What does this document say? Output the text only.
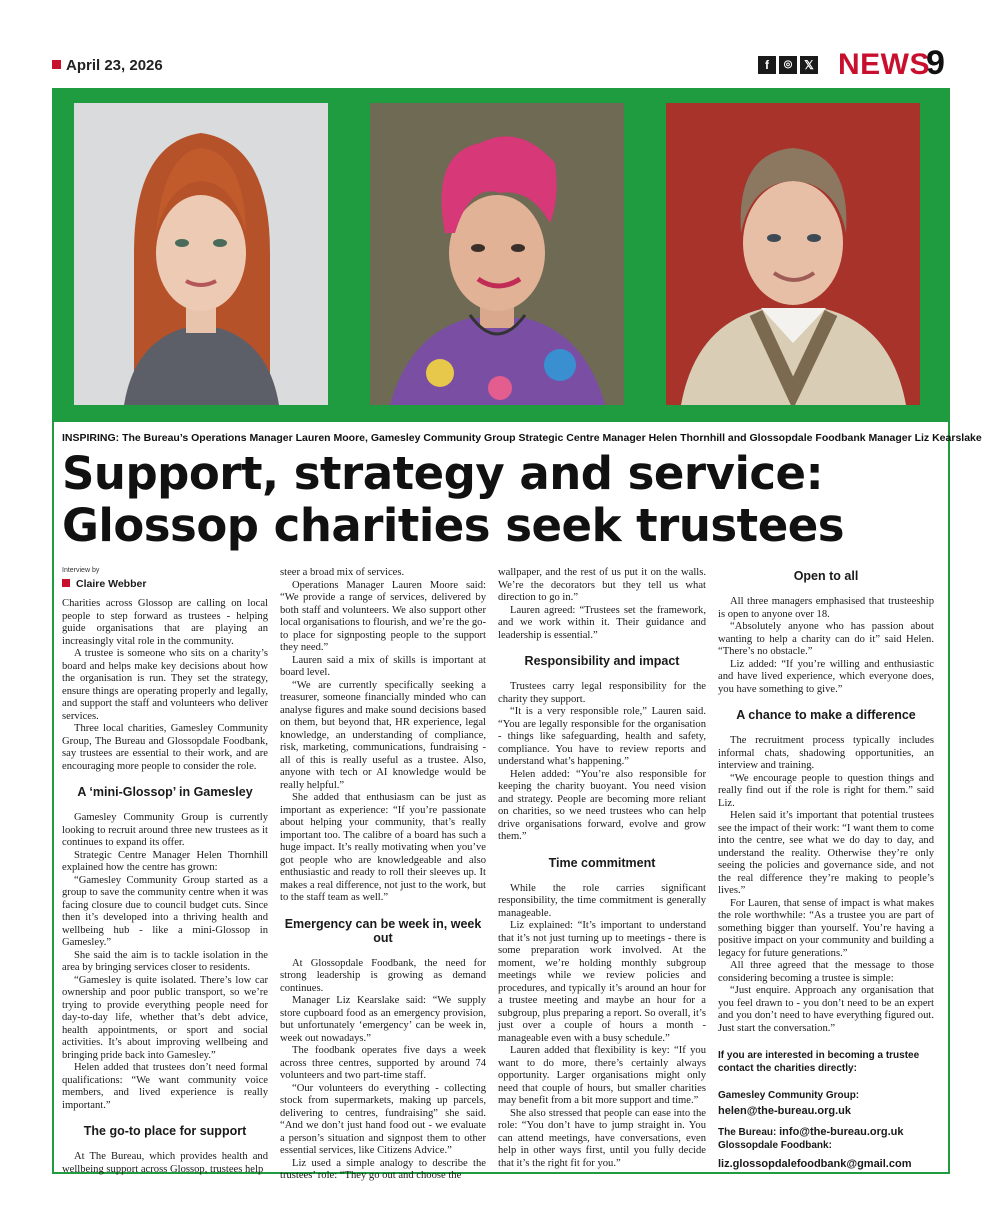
April 23, 2026	f	◎ 𝕏 NEWS
9
INSPIRING: The Bureau’s Operations Manager Lauren Moore, Gamesley Community Group Strategic Centre Manager Helen Thornhill and Glossopdale Foodbank Manager Liz Kearslake
Support, strategy and service:
Glossop charities seek trustees
Interview by
Claire Webber

Charities across Glossop are calling on local people to step forward as trustees - helping guide organisations that are playing an increasingly vital role in the community.

A trustee is someone who sits on a charity’s board and helps make key decisions about how the organisation is run. They set the strategy, ensure things are operating properly and legally, and support the staff and volunteers who deliver services.

Three local charities, Gamesley Community Group, The Bureau and Glossopdale Foodbank, say trustees are essential to their work, and are encouraging more people to consider the role.

A ‘mini-Glossop’ in Gamesley

Gamesley Community Group is currently looking to recruit around three new trustees as it continues to expand its offer.

Strategic Centre Manager Helen Thornhill explained how the centre has grown:

“Gamesley Community Group started as a group to save the community centre when it was facing closure due to council budget cuts. Since then it’s developed into a thriving health and wellbeing hub - like a mini-Glossop in Gamesley.”

She said the aim is to tackle isolation in the area by bringing services closer to residents.

“Gamesley is quite isolated. There’s low car ownership and poor public transport, so we’re trying to provide everything people need for day-to-day life, whether that’s debt advice, health appointments, or sport and social activities. It’s about improving wellbeing and bringing pride back into Gamesley.”

Helen added that trustees don’t need formal qualifications: “We want community voice members, and lived experience is really important.”

The go-to place for support

At The Bureau, which provides health and wellbeing support across Glossop, trustees help

steer a broad mix of services.

Operations Manager Lauren Moore said: “We provide a range of services, delivered by both staff and volunteers. We also support other local organisations to flourish, and we’re the go-to place for signposting people to the support they need.”

Lauren said a mix of skills is important at board level.

“We are currently specifically seeking a treasurer, someone financially minded who can analyse figures and make sound decisions based on them, but beyond that, HR experience, legal knowledge, an understanding of compliance, risk, marketing, communications, fundraising - all of this is really useful as a trustee. Also, anyone with tech or AI knowledge would be really helpful.”

She added that enthusiasm can be just as important as experience: “If you’re passionate about helping your community, that’s really important too. The calibre of a board has such a huge impact. It’s really motivating when you’ve got people who are knowledgeable and also enthusiastic and ready to roll their sleeves up. It makes a real difference, not just to the work, but to the staff team as well.”

Emergency can be week in, week out

At Glossopdale Foodbank, the need for strong leadership is growing as demand continues.

Manager Liz Kearslake said: “We supply store cupboard food as an emergency provision, but unfortunately ‘emergency’ can be week in, week out nowadays.”

The foodbank operates five days a week across three centres, supported by around 74 volunteers and two part-time staff.

“Our volunteers do everything - collecting stock from supermarkets, making up parcels, delivering to centres, fundraising” she said. “And we don’t just hand food out - we evaluate a person’s situation and signpost them to other essential services, like Citizens Advice.”

Liz used a simple analogy to describe the trustees’ role: “They go out and choose the

wallpaper, and the rest of us put it on the walls. We’re the decorators but they tell us what direction to go in.”

Lauren agreed: “Trustees set the framework, and we work within it. Their guidance and leadership is essential.”

Responsibility and impact

Trustees carry legal responsibility for the charity they support.

“It is a very responsible role,” Lauren said. “You are legally responsible for the organisation - things like safeguarding, health and safety, compliance. You have to review reports and understand what’s happening.”

Helen added: “You’re also responsible for keeping the charity buoyant. You need vision and strategy. People are becoming more reliant on charities, so we need trustees who can help drive organisations forward, evolve and grow them.”

Time commitment

While the role carries significant responsibility, the time commitment is generally manageable.

Liz explained: “It’s important to understand that it’s not just turning up to meetings - there is some preparation work involved. At the moment, we’re holding monthly subgroup meetings while we review policies and procedures, and typically it’s around an hour for a trustee meeting and maybe an hour for a subgroup, plus preparing a report. So overall, it’s just over a couple of hours a month - manageable even with a busy schedule.”

Lauren added that flexibility is key: “If you want to do more, there’s certainly always opportunity. Larger organisations might only need that couple of hours, but smaller charities may benefit from a bit more support and time.”

She also stressed that people can ease into the role: “You don’t have to jump straight in. You can attend meetings, have conversations, even help in other ways first, until you fully decide that it’s the right fit for you.”

Open to all

All three managers emphasised that trusteeship is open to anyone over 18.

“Absolutely anyone who has passion about wanting to help a charity can do it” said Helen. “There’s no obstacle.”

Liz added: “If you’re willing and enthusiastic and have lived experience, which everyone does, you have something to give.”

A chance to make a difference

The recruitment process typically includes informal chats, shadowing opportunities, an interview and training.

“We encourage people to question things and really find out if the role is right for them.” said Liz.

Helen said it’s important that potential trustees see the impact of their work: “I want them to come into the centre, see what we do day to day, and understand the reality. Otherwise they’re only seeing the policies and governance side, and not the real difference they’re making to people’s lives.”

For Lauren, that sense of impact is what makes the role worthwhile: “As a trustee you are part of something bigger than yourself. You’re having a positive impact on your community and building a legacy for future generations.”

All three agreed that the message to those considering becoming a trustee is simple:

“Just enquire. Approach any organisation that you feel drawn to - you don’t need to be an expert and you don’t need to have everything figured out. Just start the conversation.”

If you are interested in becoming a trustee contact the charities directly:
Gamesley Community Group:
helen@the-bureau.org.uk
The Bureau: info@the-bureau.org.uk
Glossopdale Foodbank:
liz.glossopdalefoodbank@gmail.com
